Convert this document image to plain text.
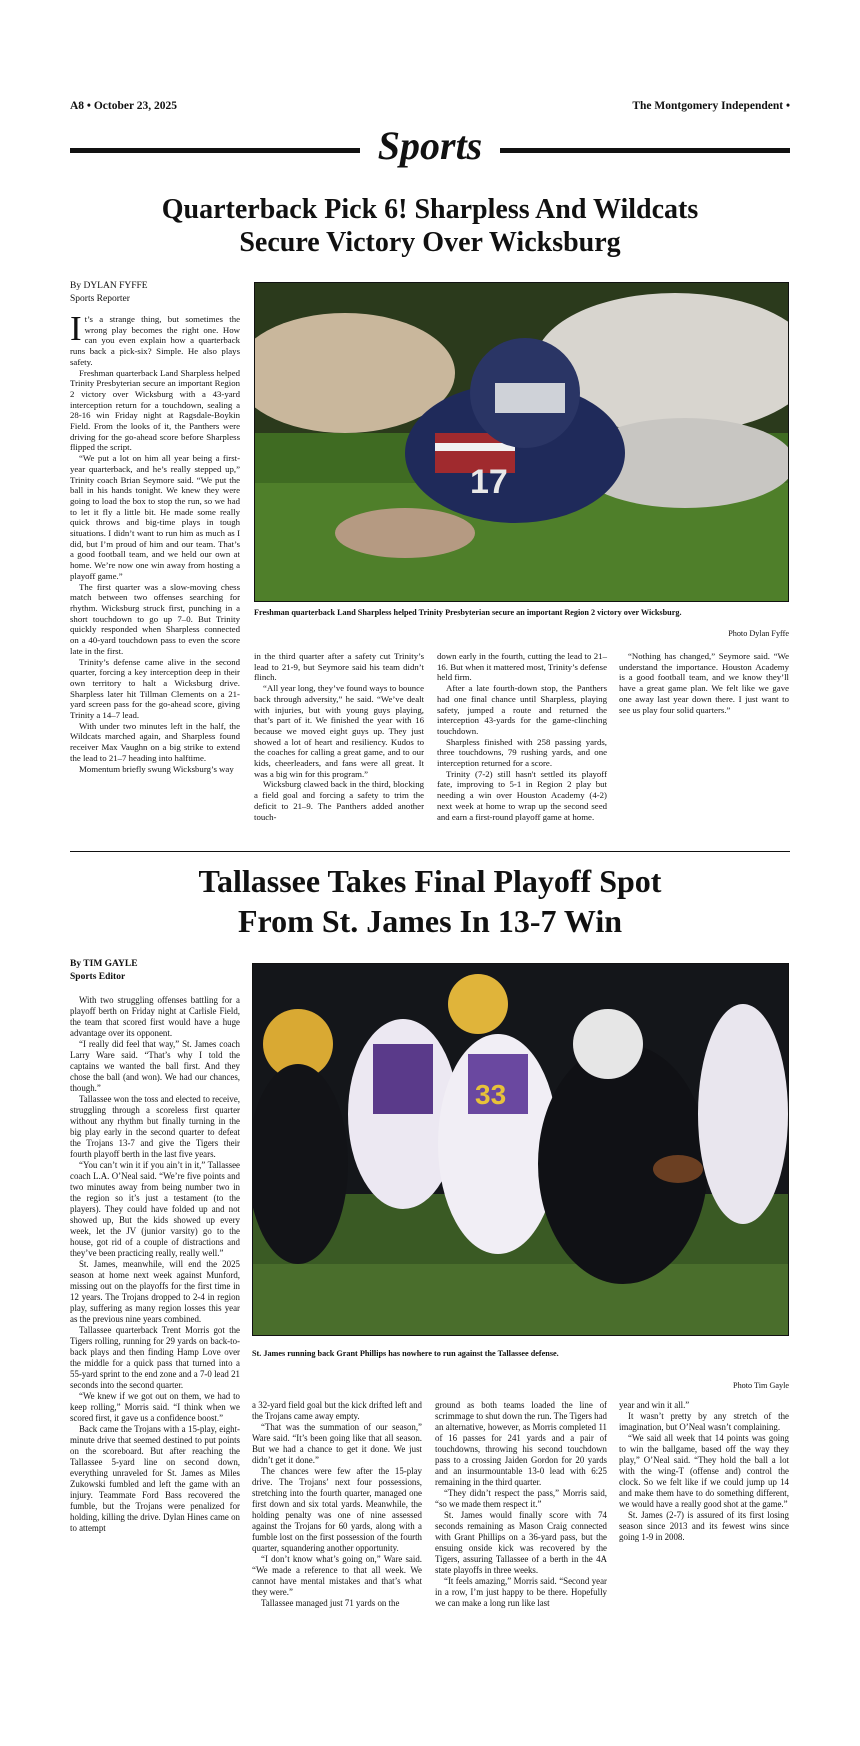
A8 • October 23, 2025	The Montgomery Independent •
Sports
Quarterback Pick 6! Sharpless And Wildcats
Secure Victory Over Wicksburg
By DYLAN FYFFE
Sports Reporter

It’s a strange thing, but sometimes the wrong play becomes the right one. How can you even explain how a quarterback runs back a pick-six? Simple. He also plays safety.

Freshman quarterback Land Sharpless helped Trinity Presbyterian secure an important Region 2 victory over Wicksburg with a 43-yard interception return for a touchdown, sealing a 28-16 win Friday night at Ragsdale-Boykin Field. From the looks of it, the Panthers were driving for the go-ahead score before Sharpless flipped the script.

“We put a lot on him all year being a first-year quarterback, and he’s really stepped up,” Trinity coach Brian Seymore said. “We put the ball in his hands tonight. We knew they were going to load the box to stop the run, so we had to let it fly a little bit. He made some really quick throws and big-time plays in tough situations. I didn’t want to run him as much as I did, but I’m proud of him and our team. That’s a good football team, and we held our own at home. We’re now one win away from hosting a playoff game.”

The first quarter was a slow-moving chess match between two offenses searching for rhythm. Wicksburg struck first, punching in a short touchdown to go up 7–0. But Trinity quickly responded when Sharpless connected on a 40-yard touchdown pass to even the score late in the first.

Trinity’s defense came alive in the second quarter, forcing a key interception deep in their own territory to halt a Wicksburg drive. Sharpless later hit Tillman Clements on a 21-yard screen pass for the go-ahead score, giving Trinity a 14–7 lead.

With under two minutes left in the half, the Wildcats marched again, and Sharpless found receiver Max Vaughn on a big strike to extend the lead to 21–7 heading into halftime.

Momentum briefly swung Wicksburg’s way

17
Freshman quarterback Land Sharpless helped Trinity Presbyterian secure an important Region 2 victory over Wicksburg.
Photo Dylan Fyffe

in the third quarter after a safety cut Trinity’s lead to 21-9, but Seymore said his team didn’t flinch.

“All year long, they’ve found ways to bounce back through adversity,” he said. “We’ve dealt with injuries, but with young guys playing, that’s part of it. We finished the year with 16 because we moved eight guys up. They just showed a lot of heart and resiliency. Kudos to the coaches for calling a great game, and to our kids, cheerleaders, and fans were all great. It was a big win for this program.”

Wicksburg clawed back in the third, blocking a field goal and forcing a safety to trim the deficit to 21–9. The Panthers added another touch-

down early in the fourth, cutting the lead to 21–16. But when it mattered most, Trinity’s defense held firm.

After a late fourth-down stop, the Panthers had one final chance until Sharpless, playing safety, jumped a route and returned the interception 43-yards for the game-clinching touchdown.

Sharpless finished with 258 passing yards, three touchdowns, 79 rushing yards, and one interception returned for a score.

Trinity (7-2) still hasn't settled its playoff fate, improving to 5-1 in Region 2 play but needing a win over Houston Academy (4-2) next week at home to wrap up the second seed and earn a first-round playoff game at home.

“Nothing has changed,” Seymore said. “We understand the importance. Houston Academy is a good football team, and we know they’ll have a great game plan. We felt like we gave one away last year down there. I just want to see us play four solid quarters.”

Tallassee Takes Final Playoff Spot
From St. James In 13-7 Win
By TIM GAYLE
Sports Editor

With two struggling offenses battling for a playoff berth on Friday night at Carlisle Field, the team that scored first would have a huge advantage over its opponent.

“I really did feel that way,” St. James coach Larry Ware said. “That’s why I told the captains we wanted the ball first. And they chose the ball (and won). We had our chances, though.”

Tallassee won the toss and elected to receive, struggling through a scoreless first quarter without any rhythm but finally turning in the big play early in the second quarter to defeat the Trojans 13-7 and give the Tigers their fourth playoff berth in the last five years.

“You can’t win it if you ain’t in it,” Tallassee coach L.A. O’Neal said. “We’re five points and two minutes away from being number two in the region so it’s just a testament (to the players). They could have folded up and not showed up, But the kids showed up every week, let the JV (junior varsity) go to the house, got rid of a couple of distractions and they’ve been practicing really, really well.”

St. James, meanwhile, will end the 2025 season at home next week against Munford, missing out on the playoffs for the first time in 12 years. The Trojans dropped to 2-4 in region play, suffering as many region losses this year as the previous nine years combined.

Tallassee quarterback Trent Morris got the Tigers rolling, running for 29 yards on back-to-back plays and then finding Hamp Love over the middle for a quick pass that turned into a 55-yard sprint to the end zone and a 7-0 lead 21 seconds into the second quarter.

“We knew if we got out on them, we had to keep rolling,” Morris said. “I think when we scored first, it gave us a confidence boost.”

Back came the Trojans with a 15-play, eight-minute drive that seemed destined to put points on the scoreboard. But after reaching the Tallassee 5-yard line on second down, everything unraveled for St. James as Miles Zukowski fumbled and left the game with an injury. Teammate Ford Bass recovered the fumble, but the Trojans were penalized for holding, killing the drive. Dylan Hines came on to attempt

33
St. James running back Grant Phillips has nowhere to run against the Tallassee defense.
Photo Tim Gayle

a 32-yard field goal but the kick drifted left and the Trojans came away empty.

“That was the summation of our season,” Ware said. “It’s been going like that all season. But we had a chance to get it done. We just didn’t get it done.”

The chances were few after the 15-play drive. The Trojans’ next four possessions, stretching into the fourth quarter, managed one first down and six total yards. Meanwhile, the holding penalty was one of nine assessed against the Trojans for 60 yards, along with a fumble lost on the first possession of the fourth quarter, squandering another opportunity.

“I don’t know what’s going on,” Ware said. “We made a reference to that all week. We cannot have mental mistakes and that’s what they were.”

Tallassee managed just 71 yards on the

ground as both teams loaded the line of scrimmage to shut down the run. The Tigers had an alternative, however, as Morris completed 11 of 16 passes for 241 yards and a pair of touchdowns, throwing his second touchdown pass to a crossing Jaiden Gordon for 20 yards and an insurmountable 13-0 lead with 6:25 remaining in the third quarter.

“They didn’t respect the pass,” Morris said, “so we made them respect it.”

St. James would finally score with 74 seconds remaining as Mason Craig connected with Grant Phillips on a 36-yard pass, but the ensuing onside kick was recovered by the Tigers, assuring Tallassee of a berth in the 4A state playoffs in three weeks.

“It feels amazing,” Morris said. “Second year in a row, I’m just happy to be there. Hopefully we can make a long run like last

year and win it all.”

It wasn’t pretty by any stretch of the imagination, but O’Neal wasn’t complaining.

“We said all week that 14 points was going to win the ballgame, based off the way they play,” O’Neal said. “They hold the ball a lot with the wing-T (offense and) control the clock. So we felt like if we could jump up 14 and make them have to do something different, we would have a really good shot at the game.”

St. James (2-7) is assured of its first losing season since 2013 and its fewest wins since going 1-9 in 2008.
